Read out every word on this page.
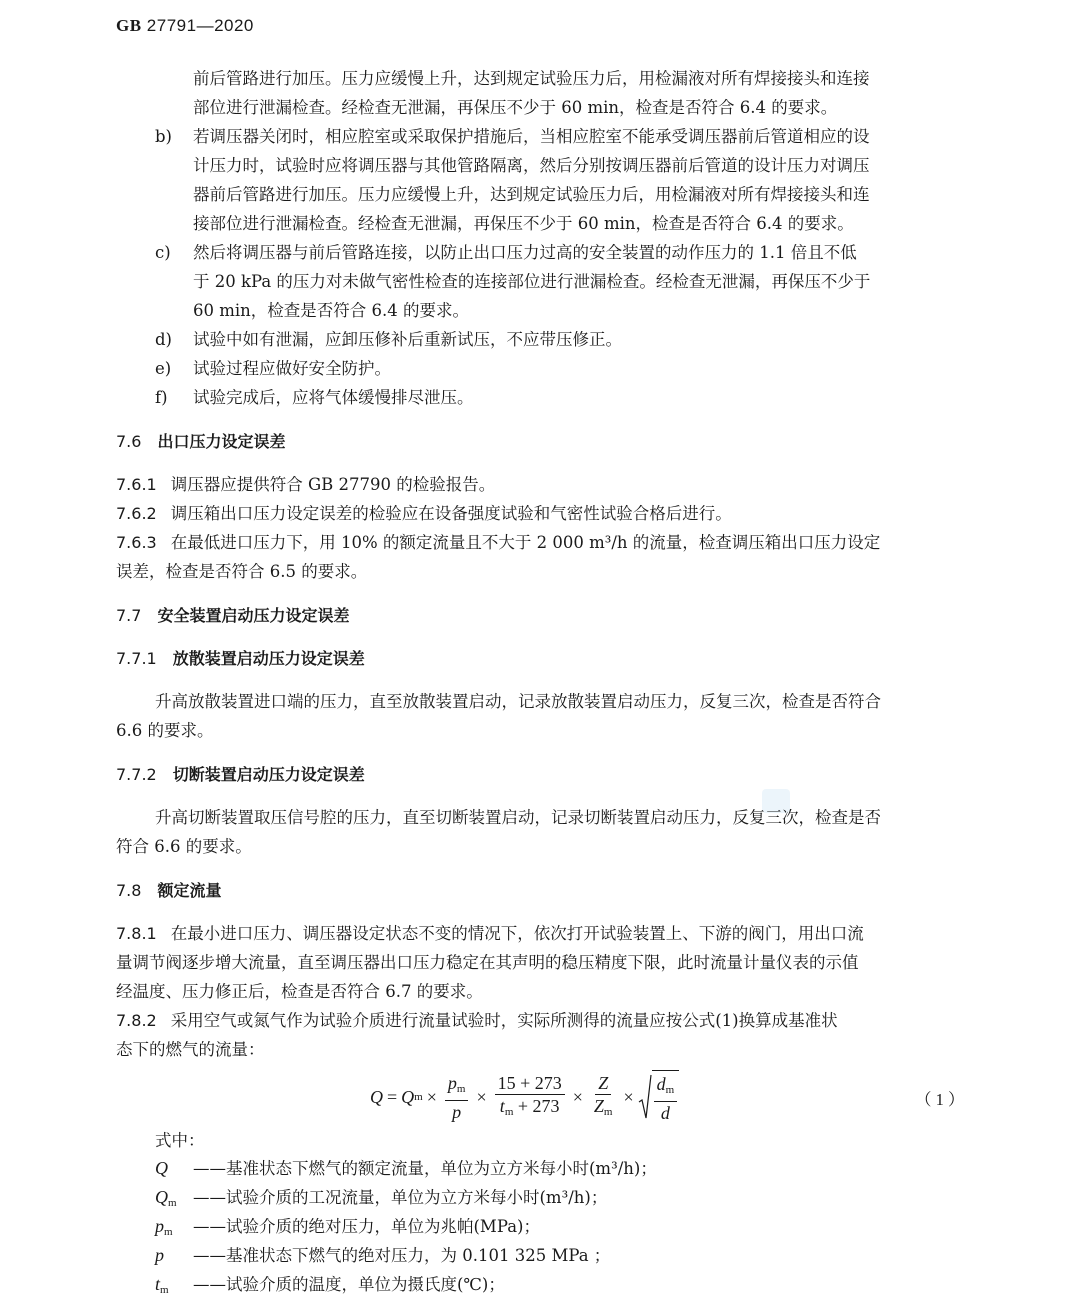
GB 27791—2020
前后管路进行加压。压力应缓慢上升，达到规定试验压力后，用检漏液对所有焊接接头和连接
部位进行泄漏检查。经检查无泄漏，再保压不少于 60 min，检查是否符合 6.4 的要求。
b) 若调压器关闭时，相应腔室或采取保护措施后，当相应腔室不能承受调压器前后管道相应的设
计压力时，试验时应将调压器与其他管路隔离，然后分别按调压器前后管道的设计压力对调压
器前后管路进行加压。压力应缓慢上升，达到规定试验压力后，用检漏液对所有焊接接头和连
接部位进行泄漏检查。经检查无泄漏，再保压不少于 60 min，检查是否符合 6.4 的要求。
c) 然后将调压器与前后管路连接，以防止出口压力过高的安全装置的动作压力的 1.1 倍且不低
于 20 kPa 的压力对未做气密性检查的连接部位进行泄漏检查。经检查无泄漏，再保压不少于
60 min，检查是否符合 6.4 的要求。
d) 试验中如有泄漏，应卸压修补后重新试压，不应带压修正。
e) 试验过程应做好安全防护。
f) 试验完成后，应将气体缓慢排尽泄压。
7.6 出口压力设定误差
7.6.1 调压器应提供符合 GB 27790 的检验报告。
7.6.2 调压箱出口压力设定误差的检验应在设备强度试验和气密性试验合格后进行。
7.6.3 在最低进口压力下，用 10% 的额定流量且不大于 2 000 m³/h 的流量，检查调压箱出口压力设定
误差，检查是否符合 6.5 的要求。
7.7 安全装置启动压力设定误差
7.7.1 放散装置启动压力设定误差
升高放散装置进口端的压力，直至放散装置启动，记录放散装置启动压力，反复三次，检查是否符合
6.6 的要求。
7.7.2 切断装置启动压力设定误差
升高切断装置取压信号腔的压力，直至切断装置启动，记录切断装置启动压力，反复三次，检查是否
符合 6.6 的要求。
7.8 额定流量
7.8.1 在最小进口压力、调压器设定状态不变的情况下，依次打开试验装置上、下游的阀门，用出口流
量调节阀逐步增大流量，直至调压器出口压力稳定在其声明的稳压精度下限，此时流量计量仪表的示值
经温度、压力修正后，检查是否符合 6.7 的要求。
7.8.2 采用空气或氮气作为试验介质进行流量试验时，实际所测得的流量应按公式(1)换算成基准状
态下的燃气的流量：
Q = Q $m \times \frac{p_m}{p} \times \frac{15 + 273}{t_m + 273} \times \frac{Z}{Z_m} \times \frac{d_m}{d}$	（ 1 ）
式中：
Q ——基准状态下燃气的额定流量，单位为立方米每小时(m³/h)；
$Q_m$ ——试验介质的工况流量，单位为立方米每小时(m³/h)；
$p_m$ ——试验介质的绝对压力，单位为兆帕(MPa)；
p ——基准状态下燃气的绝对压力，为 0.101 325 MPa ；
$t_m$ ——试验介质的温度，单位为摄氏度(℃)；
